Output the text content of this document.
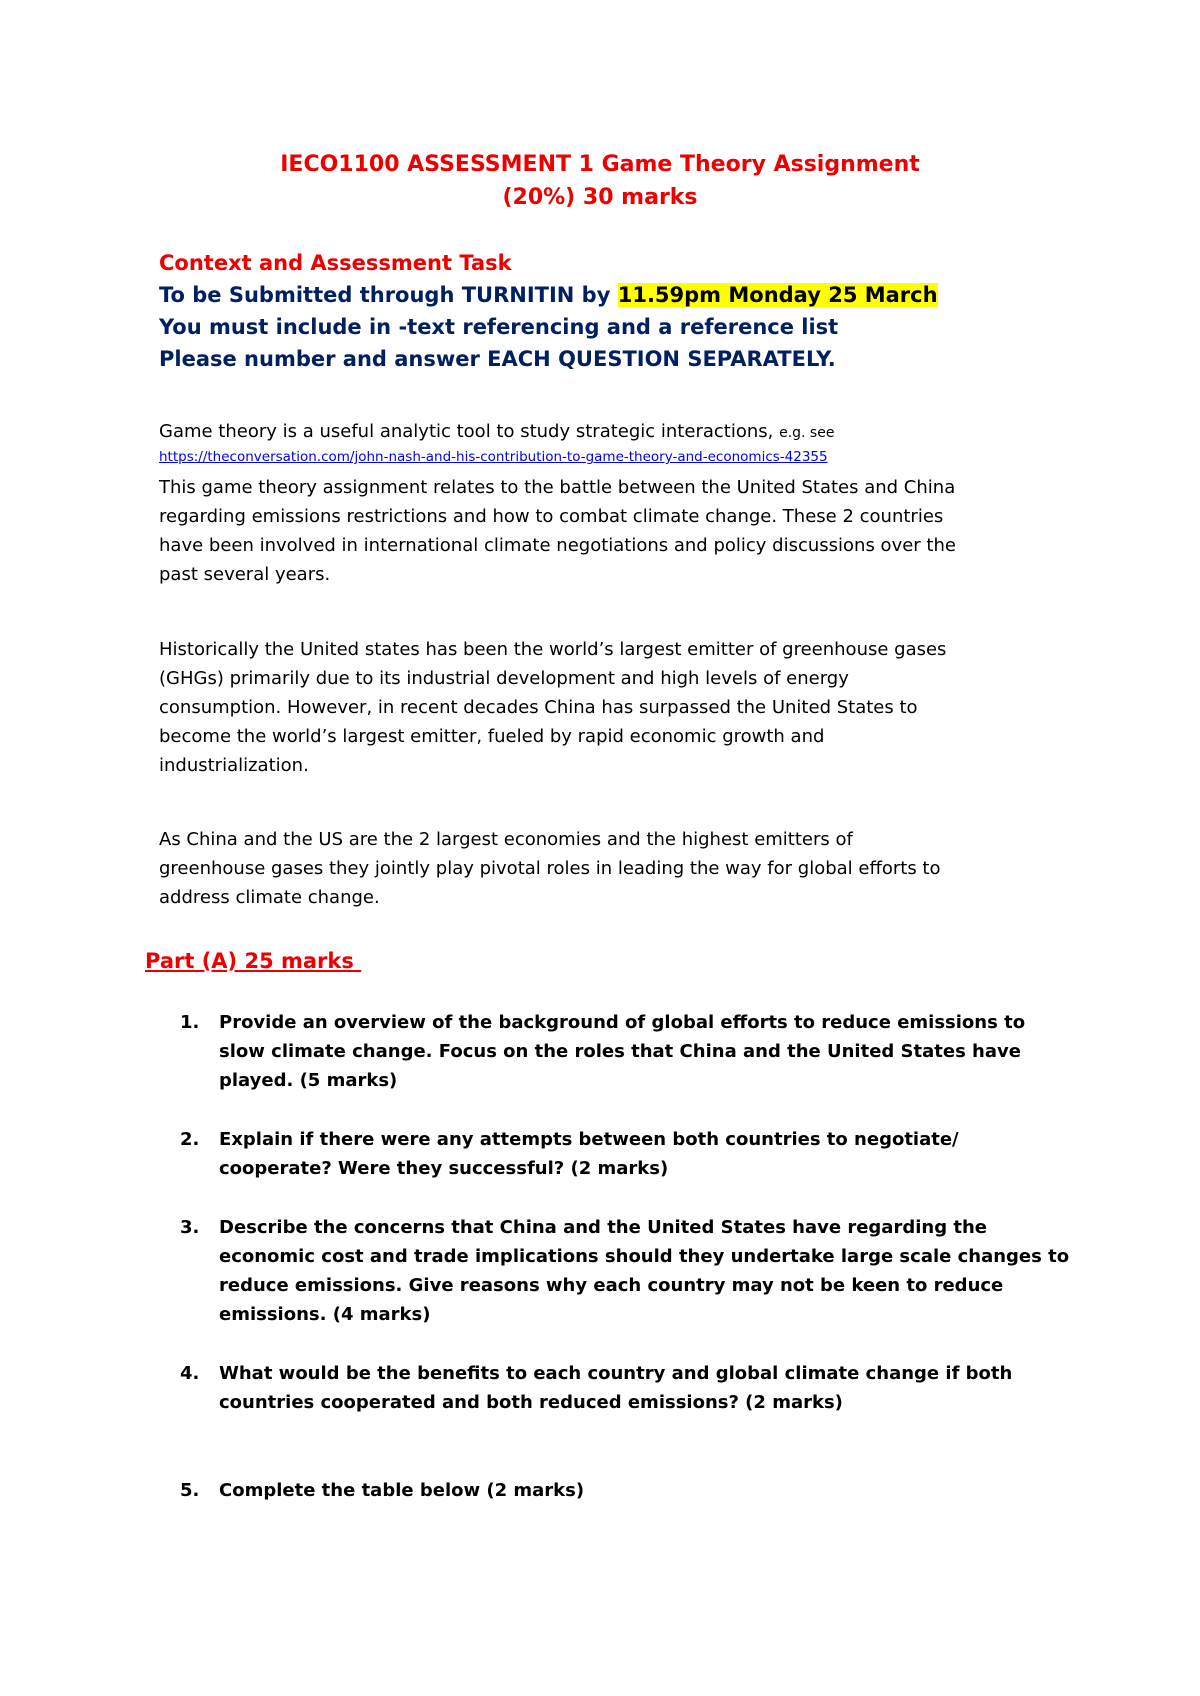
IECO1100 ASSESSMENT 1 Game Theory Assignment
(20%) 30 marks
Context and Assessment Task
To be Submitted through TURNITIN by 11.59pm Monday 25 March
You must include in -text referencing and a reference list
Please number and answer EACH QUESTION SEPARATELY.
Game theory is a useful analytic tool to study strategic interactions, e.g. see
https://theconversation.com/john-nash-and-his-contribution-to-game-theory-and-economics-42355
This game theory assignment relates to the battle between the United States and China
regarding emissions restrictions and how to combat climate change. These 2 countries
have been involved in international climate negotiations and policy discussions over the
past several years.
Historically the United states has been the world’s largest emitter of greenhouse gases
(GHGs) primarily due to its industrial development and high levels of energy
consumption. However, in recent decades China has surpassed the United States to
become the world’s largest emitter, fueled by rapid economic growth and
industrialization.
As China and the US are the 2 largest economies and the highest emitters of
greenhouse gases they jointly play pivotal roles in leading the way for global efforts to
address climate change.
Part (A) 25 marks
1. Provide an overview of the background of global efforts to reduce emissions to
slow climate change. Focus on the roles that China and the United States have
played. (5 marks)
2. Explain if there were any attempts between both countries to negotiate/
cooperate? Were they successful? (2 marks)
3. Describe the concerns that China and the United States have regarding the
economic cost and trade implications should they undertake large scale changes to
reduce emissions. Give reasons why each country may not be keen to reduce
emissions. (4 marks)
4. What would be the benefits to each country and global climate change if both
countries cooperated and both reduced emissions? (2 marks)
5. Complete the table below (2 marks)
